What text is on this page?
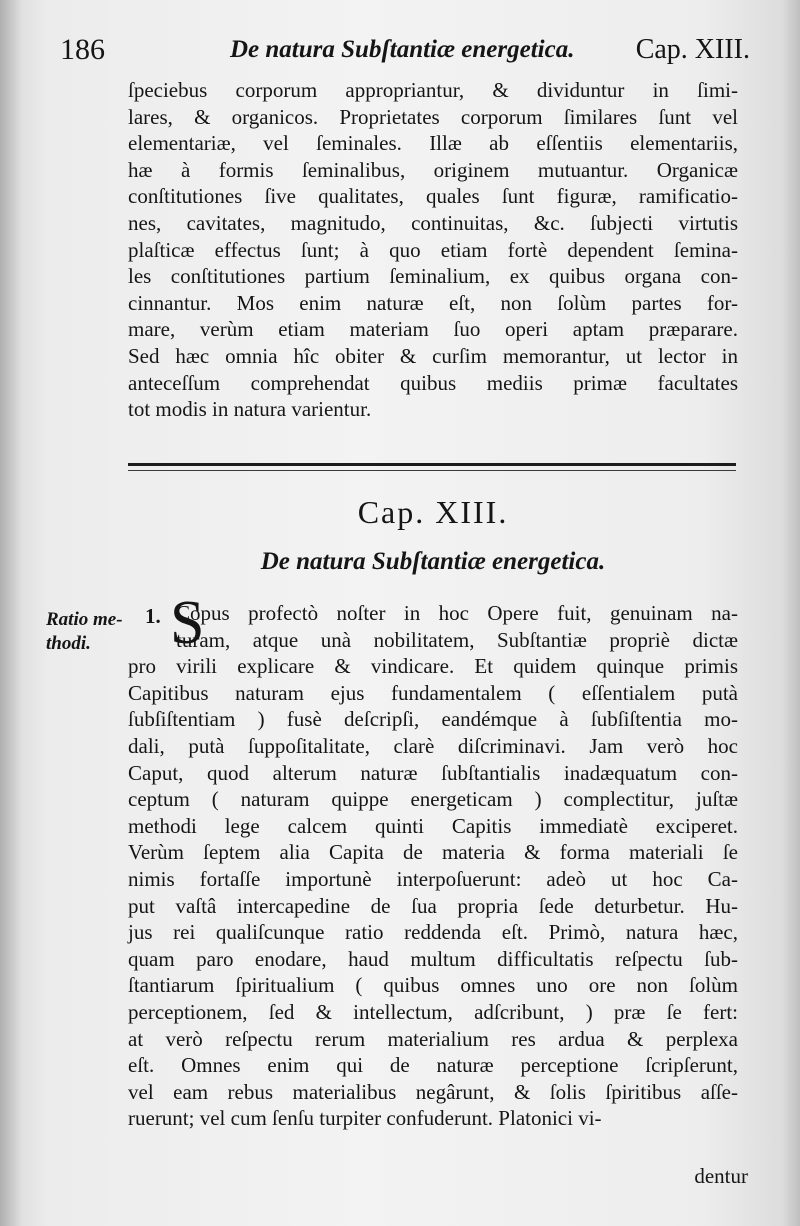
186	De natura Subſtantiæ energetica. Cap. XIII.
ſpeciebus corporum appropriantur, & dividuntur in ſimi-
lares, & organicos. Proprietates corporum ſimilares ſunt vel
elementariæ, vel ſeminales. Illæ ab eſſentiis elementariis,
hæ à formis ſeminalibus, originem mutuantur. Organicæ
conſtitutiones ſive qualitates, quales ſunt figuræ, ramificatio-
nes, cavitates, magnitudo, continuitas, &c. ſubjecti virtutis
plaſticæ effectus ſunt; à quo etiam fortè dependent ſemina-
les conſtitutiones partium ſeminalium, ex quibus organa con-
cinnantur. Mos enim naturæ eſt, non ſolùm partes for-
mare, verùm etiam materiam ſuo operi aptam præparare.
Sed hæc omnia hîc obiter & curſim memorantur, ut lector in
anteceſſum comprehendat quibus mediis primæ facultates
tot modis in natura varientur.
Cap. XIII.
De natura Subſtantiæ energetica.
Ratio me-thodi.
1. S
Copus profectò noſter in hoc Opere fuit, genuinam na-
turam, atque unà nobilitatem, Subſtantiæ propriè dictæ
pro virili explicare & vindicare. Et quidem quinque primis
Capitibus naturam ejus fundamentalem ( eſſentialem putà
ſubſiſtentiam ) fusè deſcripſi, eandémque à ſubſiſtentia mo-
dali, putà ſuppoſitalitate, clarè diſcriminavi. Jam verò hoc
Caput, quod alterum naturæ ſubſtantialis inadæquatum con-
ceptum ( naturam quippe energeticam ) complectitur, juſtæ
methodi lege calcem quinti Capitis immediatè exciperet.
Verùm ſeptem alia Capita de materia & forma materiali ſe
nimis fortaſſe importunè interpoſuerunt: adeò ut hoc Ca-
put vaſtâ intercapedine de ſua propria ſede deturbetur. Hu-
jus rei qualiſcunque ratio reddenda eſt. Primò, natura hæc,
quam paro enodare, haud multum difficultatis reſpectu ſub-
ſtantiarum ſpiritualium ( quibus omnes uno ore non ſolùm
perceptionem, ſed & intellectum, adſcribunt, ) præ ſe fert:
at verò reſpectu rerum materialium res ardua & perplexa
eſt. Omnes enim qui de naturæ perceptione ſcripſerunt,
vel eam rebus materialibus negârunt, & ſolis ſpiritibus aſſe-
ruerunt; vel cum ſenſu turpiter confuderunt. Platonici vi-
dentur
